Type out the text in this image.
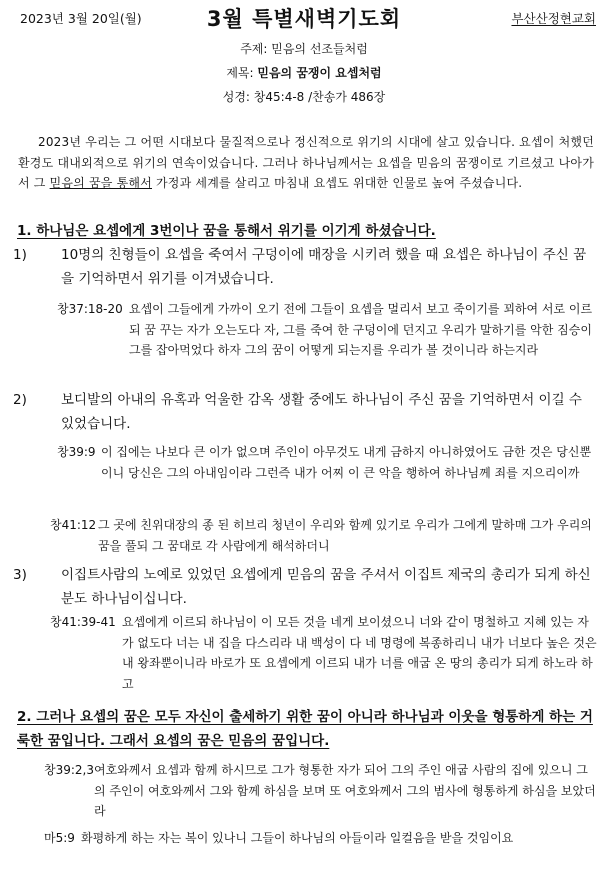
2023년 3월 20일(월)	3월 특별새벽기도회	부산산정현교회
주제: 믿음의 선조들처럼
제목: 믿음의 꿈쟁이 요셉처럼
성경: 창45:4-8 /찬송가 486장

2023년 우리는 그 어떤 시대보다 물질적으로나 정신적으로 위기의 시대에 살고 있습니다. 요셉이 처했던 환경도 대내외적으로 위기의 연속이었습니다. 그러나 하나님께서는 요셉을 믿음의 꿈쟁이로 기르셨고 나아가서 그 믿음의 꿈을 통해서 가정과 세계를 살리고 마침내 요셉도 위대한 인물로 높여 주셨습니다.

1. 하나님은 요셉에게 3번이나 꿈을 통해서 위기를 이기게 하셨습니다.
1)	10명의 친형들이 요셉을 죽여서 구덩이에 매장을 시키려 했을 때 요셉은 하나님이 주신 꿈을 기억하면서 위기를 이겨냈습니다.
창37:18-20 요셉이 그들에게 가까이 오기 전에 그들이 요셉을 멀리서 보고 죽이기를 꾀하여 서로 이르되 꿈 꾸는 자가 오는도다 자, 그를 죽여 한 구덩이에 던지고 우리가 말하기를 악한 짐승이 그를 잡아먹었다 하자 그의 꿈이 어떻게 되는지를 우리가 볼 것이니라 하는지라
2)	보디발의 아내의 유혹과 억울한 감옥 생활 중에도 하나님이 주신 꿈을 기억하면서 이길 수 있었습니다.
창39:9 이 집에는 나보다 큰 이가 없으며 주인이 아무것도 내게 금하지 아니하였어도 금한 것은 당신뿐이니 당신은 그의 아내임이라 그런즉 내가 어찌 이 큰 악을 행하여 하나님께 죄를 지으리이까
창41:12 그 곳에 친위대장의 종 된 히브리 청년이 우리와 함께 있기로 우리가 그에게 말하매 그가 우리의 꿈을 풀되 그 꿈대로 각 사람에게 해석하더니
3)	이집트사람의 노예로 있었던 요셉에게 믿음의 꿈을 주셔서 이집트 제국의 총리가 되게 하신 분도 하나님이십니다.
창41:39-41 요셉에게 이르되 하나님이 이 모든 것을 네게 보이셨으니 너와 같이 명철하고 지혜 있는 자가 없도다 너는 내 집을 다스리라 내 백성이 다 네 명령에 복종하리니 내가 너보다 높은 것은 내 왕좌뿐이니라 바로가 또 요셉에게 이르되 내가 너를 애굽 온 땅의 총리가 되게 하노라 하고
2. 그러나 요셉의 꿈은 모두 자신이 출세하기 위한 꿈이 아니라 하나님과 이웃을 형통하게 하는 거룩한 꿈입니다. 그래서 요셉의 꿈은 믿음의 꿈입니다.
창39:2,3 여호와께서 요셉과 함께 하시므로 그가 형통한 자가 되어 그의 주인 애굽 사람의 집에 있으니 그의 주인이 여호와께서 그와 함께 하심을 보며 또 여호와께서 그의 범사에 형통하게 하심을 보았더라
마5:9 화평하게 하는 자는 복이 있나니 그들이 하나님의 아들이라 일컬음을 받을 것임이요
